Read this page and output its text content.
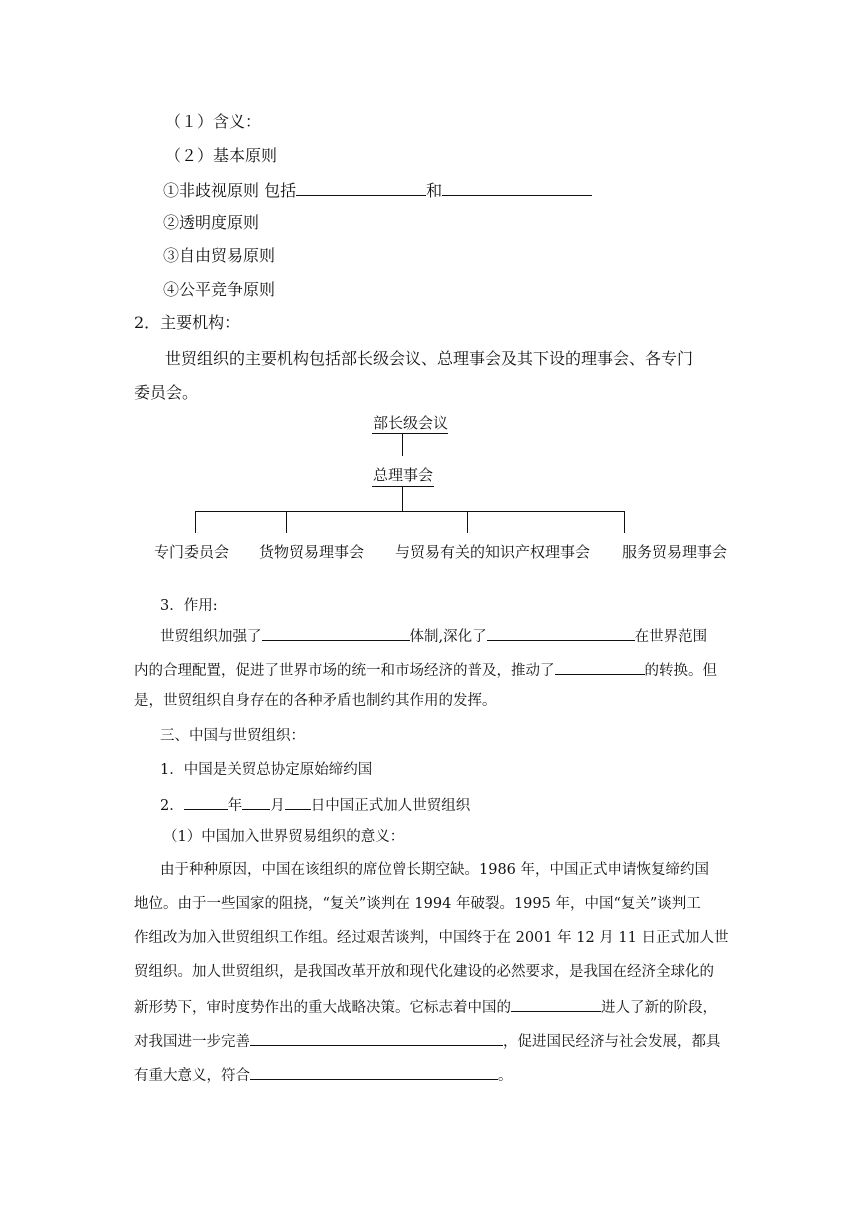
（１）含义：
（２）基本原则
①非歧视原则 包括	和
②透明度原则
③自由贸易原则
④公平竞争原则
2．主要机构：
世贸组织的主要机构包括部长级会议、总理事会及其下设的理事会、各专门
委员会。
部长级会议
总理事会
专门委员会 货物贸易理事会 与贸易有关的知识产权理事会 服务贸易理事会
3．作用:
世贸组织加强了	体制,深化了	在世界范围
内的合理配置，促进了世界市场的统一和市场经济的普及，推动了	的转换。但
是，世贸组织自身存在的各种矛盾也制约其作用的发挥。
三、中国与世贸组织：
1．中国是关贸总协定原始缔约国
2．	年 月 日中国正式加人世贸组织
（1）中国加入世界贸易组织的意义：
由于种种原因，中国在该组织的席位曾长期空缺。1986 年，中国正式申请恢复缔约国
地位。由于一些国家的阻挠，“复关”谈判在 1994 年破裂。1995 年，中国“复关”谈判工
作组改为加入世贸组织工作组。经过艰苦谈判，中国终于在 2001 年 12 月 11 日正式加人世
贸组织。加人世贸组织，是我国改革开放和现代化建设的必然要求，是我国在经济全球化的
新形势下，审时度势作出的重大战略决策。它标志着中国的	进人了新的阶段，
对我国进一步完善	，促进国民经济与社会发展，都具
有重大意义，符合	。
